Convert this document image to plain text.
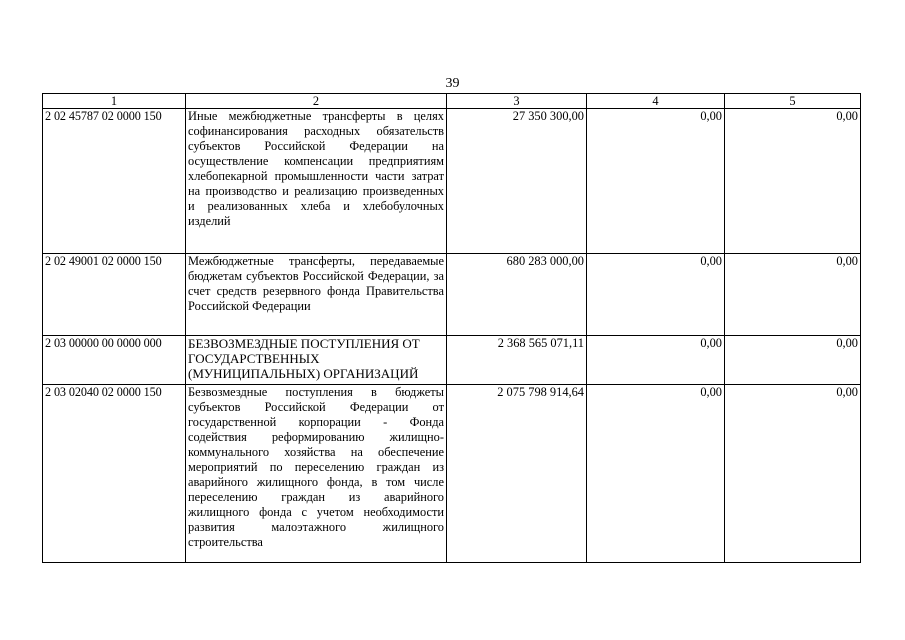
39
1	2	3	4	5
2 02 45787 02 0000 150	Иные межбюджетные трансферты в целях софинансирования расходных обязательств субъектов Российской Федерации на осуществление компенсации предприятиям хлебопекарной промышленности части затрат на производство и реализацию произведенных и реализованных хлеба и хлебобулочных изделий	27 350 300,00	0,00	0,00
2 02 49001 02 0000 150	Межбюджетные трансферты, передаваемые бюджетам субъектов Российской Федерации, за счет средств резервного фонда Правительства Российской Федерации	680 283 000,00	0,00	0,00
2 03 00000 00 0000 000	БЕЗВОЗМЕЗДНЫЕ ПОСТУПЛЕНИЯ ОТ ГОСУДАРСТВЕННЫХ (МУНИЦИПАЛЬНЫХ) ОРГАНИЗАЦИЙ	2 368 565 071,11	0,00	0,00
2 03 02040 02 0000 150	Безвозмездные поступления в бюджеты субъектов Российской Федерации от государственной корпорации - Фонда содействия реформированию жилищно-коммунального хозяйства на обеспечение мероприятий по переселению граждан из аварийного жилищного фонда, в том числе переселению граждан из аварийного жилищного фонда с учетом необходимости развития малоэтажного жилищного строительства	2 075 798 914,64	0,00	0,00
